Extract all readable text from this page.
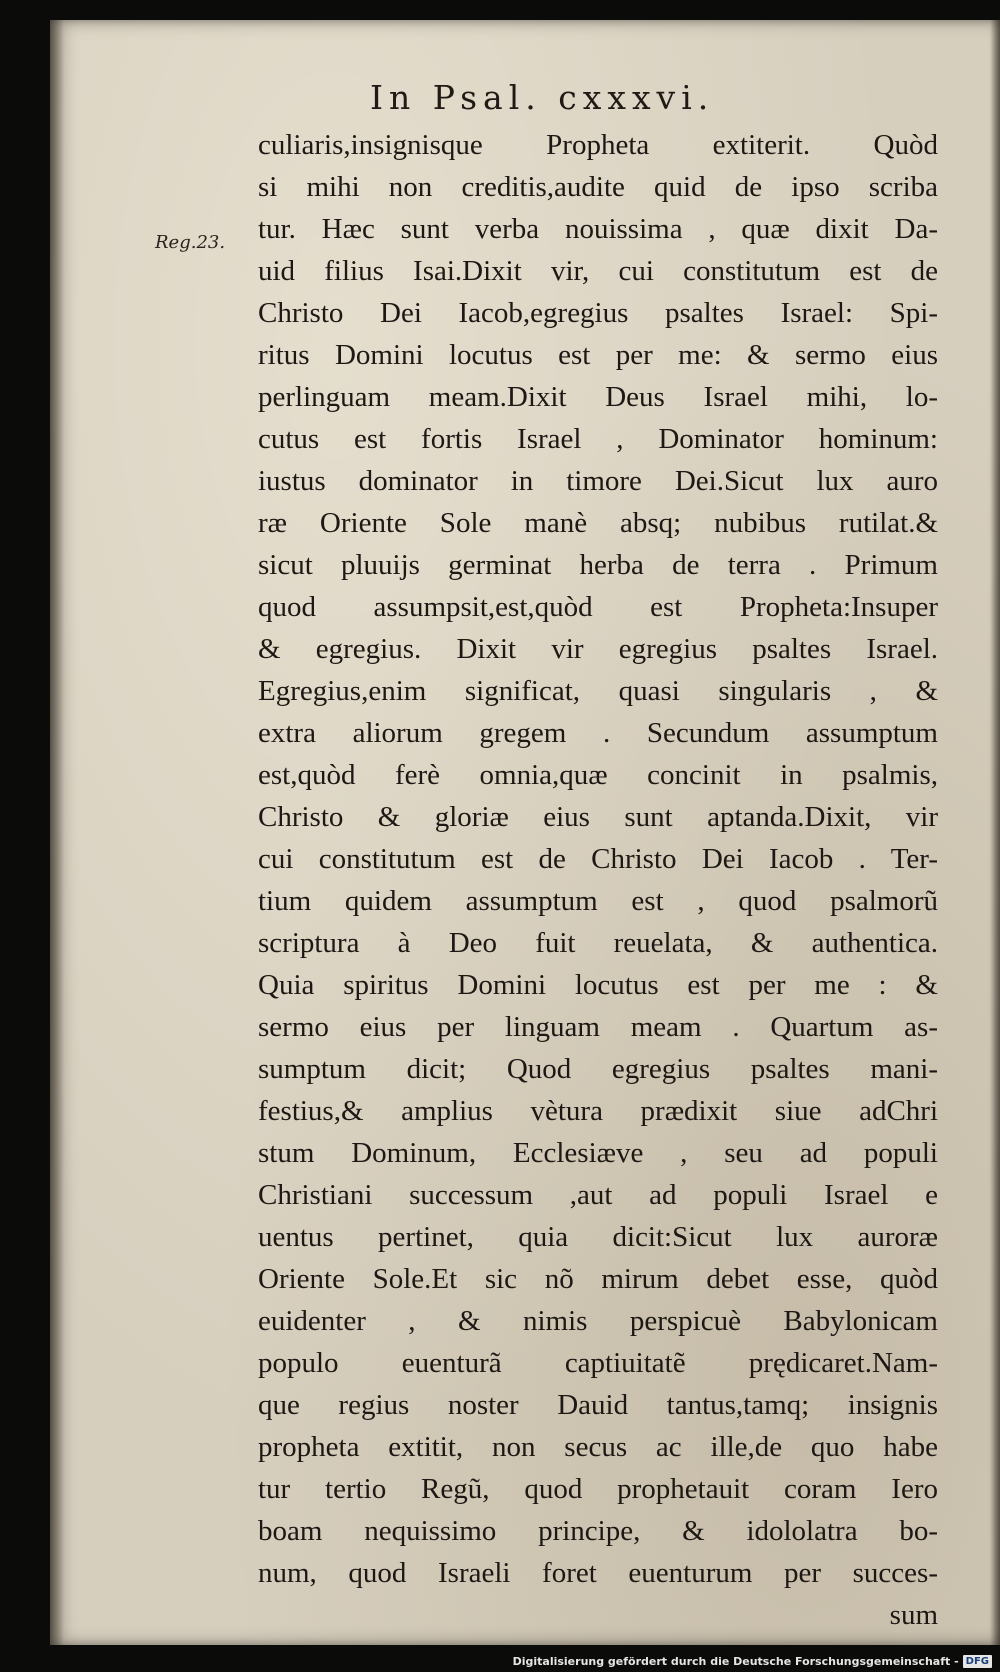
In Psal. cxxxvi.
Reg.23.
culiaris,insignisque Propheta extiterit. Quòd
si mihi non creditis,audite quid de ipso scriba
tur. Hæc sunt verba nouissima , quæ dixit Da-
uid filius Isai.Dixit vir, cui constitutum est de
Christo Dei Iacob,egregius psaltes Israel: Spi-
ritus Domini locutus est per me: & sermo eius
perlinguam meam.Dixit Deus Israel mihi, lo-
cutus est fortis Israel , Dominator hominum:
iustus dominator in timore Dei.Sicut lux auro
ræ Oriente Sole manè absq; nubibus rutilat.&
sicut pluuijs germinat herba de terra . Primum
quod assumpsit,est,quòd est Propheta:Insuper
& egregius. Dixit vir egregius psaltes Israel.
Egregius,enim significat, quasi singularis , &
extra aliorum gregem . Secundum assumptum
est,quòd ferè omnia,quæ concinit in psalmis,
Christo & gloriæ eius sunt aptanda.Dixit, vir
cui constitutum est de Christo Dei Iacob . Ter-
tium quidem assumptum est , quod psalmorũ
scriptura à Deo fuit reuelata, & authentica.
Quia spiritus Domini locutus est per me : &
sermo eius per linguam meam . Quartum as-
sumptum dicit; Quod egregius psaltes mani-
festius,& amplius vètura prædixit siue adChri
stum Dominum, Ecclesiæve , seu ad populi
Christiani successum ,aut ad populi Israel e
uentus pertinet, quia dicit:Sicut lux auroræ
Oriente Sole.Et sic nõ mirum debet esse, quòd
euidenter , & nimis perspicuè Babylonicam
populo euenturã captiuitatẽ prędicaret.Nam-
que regius noster Dauid tantus,tamq; insignis
propheta extitit, non secus ac ille,de quo habe
tur tertio Regũ, quod prophetauit coram Iero
boam nequissimo principe, & idololatra bo-
num, quod Israeli foret euenturum per succes-
sum
Digitalisierung gefördert durch die Deutsche Forschungsgemeinschaft - DFG
